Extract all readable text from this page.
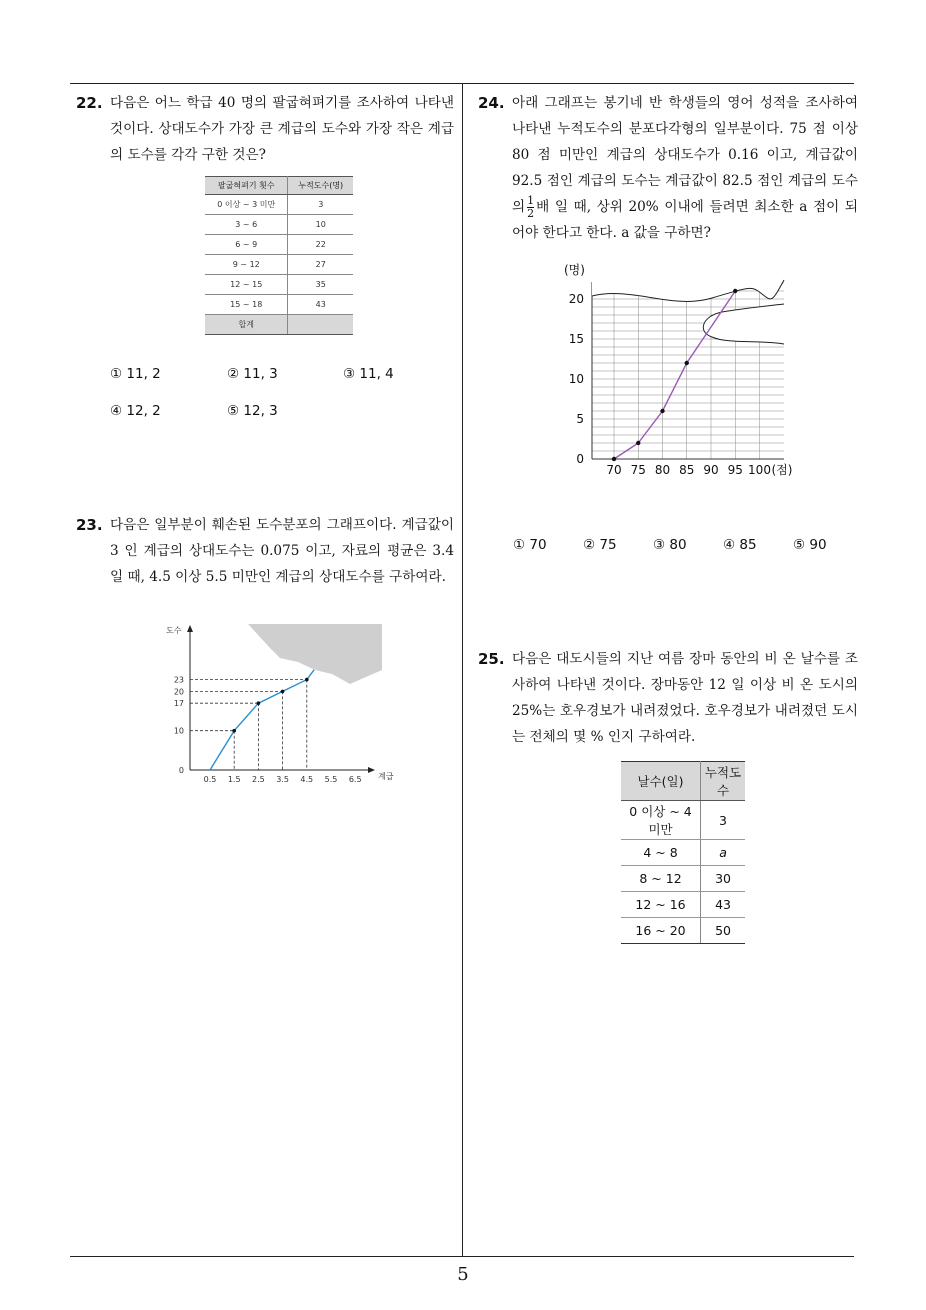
5
22. 다음은 어느 학급 40 명의 팔굽혀펴기를 조사하여 나타낸 것이다. 상대도수가 가장 큰 계급의 도수와 가장 작은 계급의 도수를 각각 구한 것은?
팔굽혀펴기 횟수	누적도수(명)
0 이상 ~ 3 미만	3
3 ~ 6	10
6 ~ 9	22
9 ~ 12	27
12 ~ 15	35
15 ~ 18	43
합계	
① 11, 2	② 11, 3	③ 11, 4
④ 12, 2	⑤ 12, 3
23. 다음은 일부분이 훼손된 도수분포의 그래프이다. 계급값이 3 인 계급의 상대도수는 0.075 이고, 자료의 평균은 3.4 일 때, 4.5 이상 5.5 미만인 계급의 상대도수를 구하여라.
도수
계급
0
10
17
20
23
0.5 1.5 2.5 3.5 4.5 5.5 6.5
24. 아래 그래프는 봉기네 반 학생들의 영어 성적을 조사하여 나타낸 누적도수의 분포다각형의 일부분이다. 75 점 이상 80 점 미만인 계급의 상대도수가 0.16 이고, 계급값이 92.5 점인 계급의 도수는 계급값이 82.5 점인 계급의 도수의 $\frac{1}{2}$ 배 일 때, 상위 20% 이내에 들려면 최소한 a 점이 되어야 한다고 한다. a 값을 구하면?
(명)
0
5
10
15
20
70 75 80 85 90 95 100 (점)
① 70	② 75	③ 80	④ 85	⑤ 90
25. 다음은 대도시들의 지난 여름 장마 동안의 비 온 날수를 조사하여 나타낸 것이다. 장마동안 12 일 이상 비 온 도시의 25%는 호우경보가 내려졌었다. 호우경보가 내려졌던 도시는 전체의 몇 % 인지 구하여라.
날수(일)	누적도수
0 이상 ~ 4 미만	3
4 ~ 8	a
8 ~ 12	30
12 ~ 16	43
16 ~ 20	50
